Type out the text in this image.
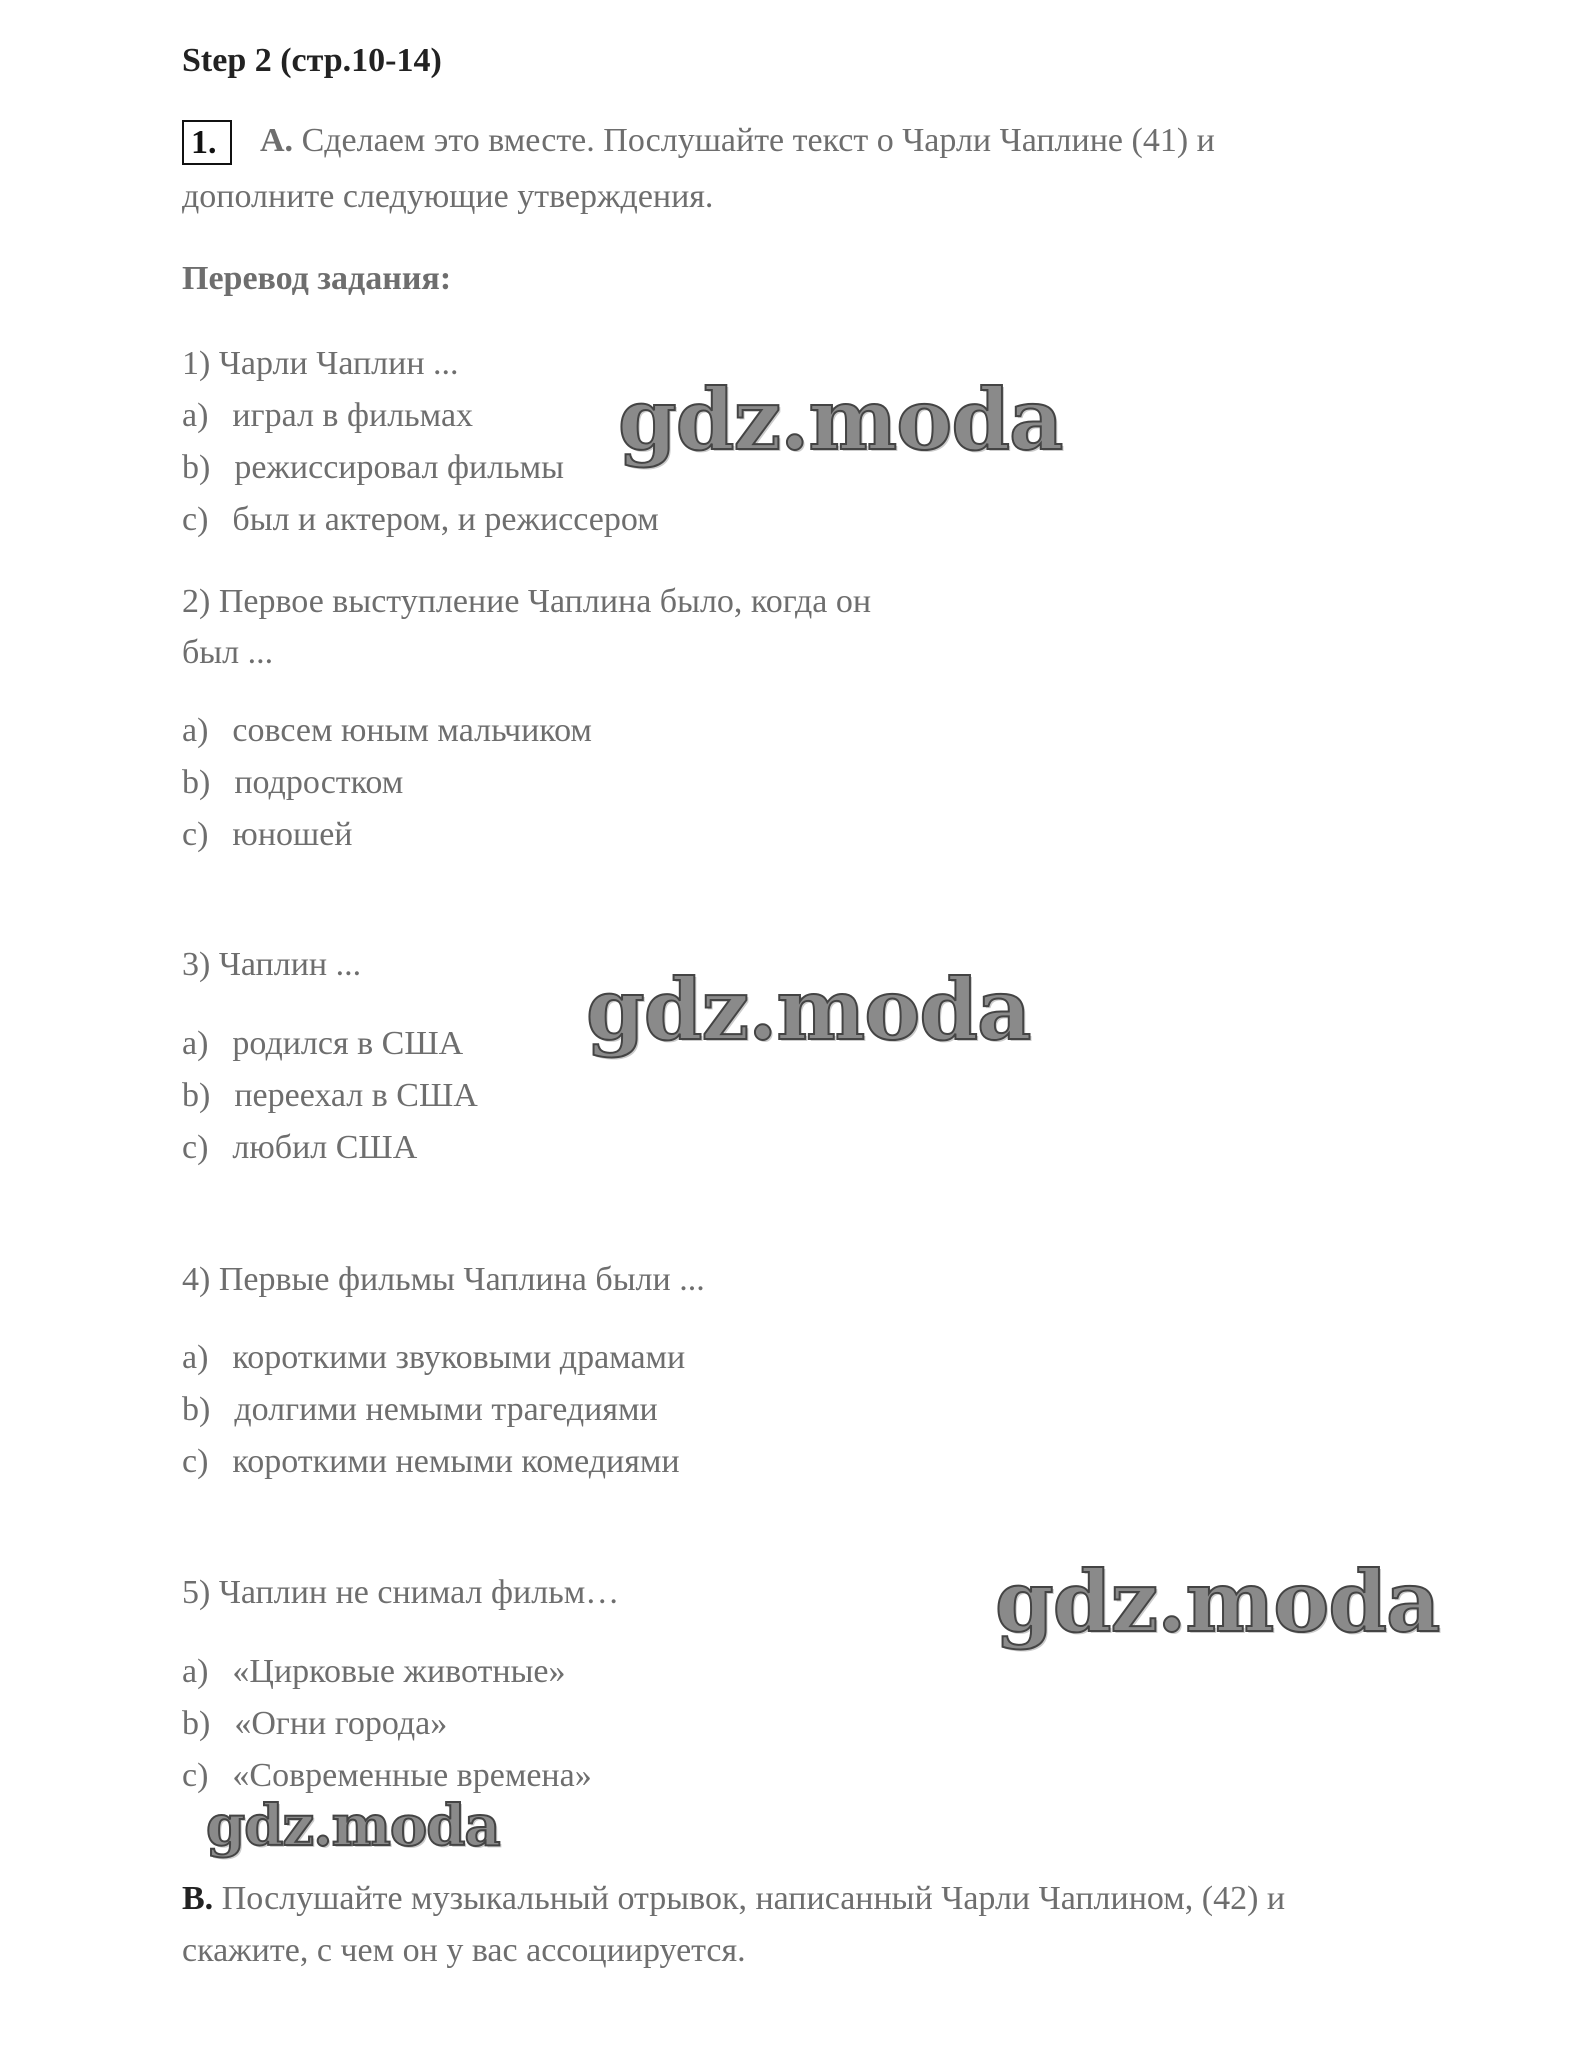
Step 2 (стр.10-14)
1. A. Сделаем это вместе. Послушайте текст о Чарли Чаплине (41) и
дополните следующие утверждения.
Перевод задания:
1) Чарли Чаплин ...
a) играл в фильмах
b) режиссировал фильмы
c) был и актером, и режиссером
2) Первое выступление Чаплина было, когда он
был ...
a) совсем юным мальчиком
b) подростком
c) юношей
3) Чаплин ...
a) родился в США
b) переехал в США
c) любил США
4) Первые фильмы Чаплина были ...
a) короткими звуковыми драмами
b) долгими немыми трагедиями
c) короткими немыми комедиями
5) Чаплин не снимал фильм…
a) «Цирковые животные»
b) «Огни города»
c) «Современные времена»
B. Послушайте музыкальный отрывок, написанный Чарли Чаплином, (42) и
скажите, с чем он у вас ассоциируется.
gdz.moda
gdz.moda
gdz.moda
gdz.moda
